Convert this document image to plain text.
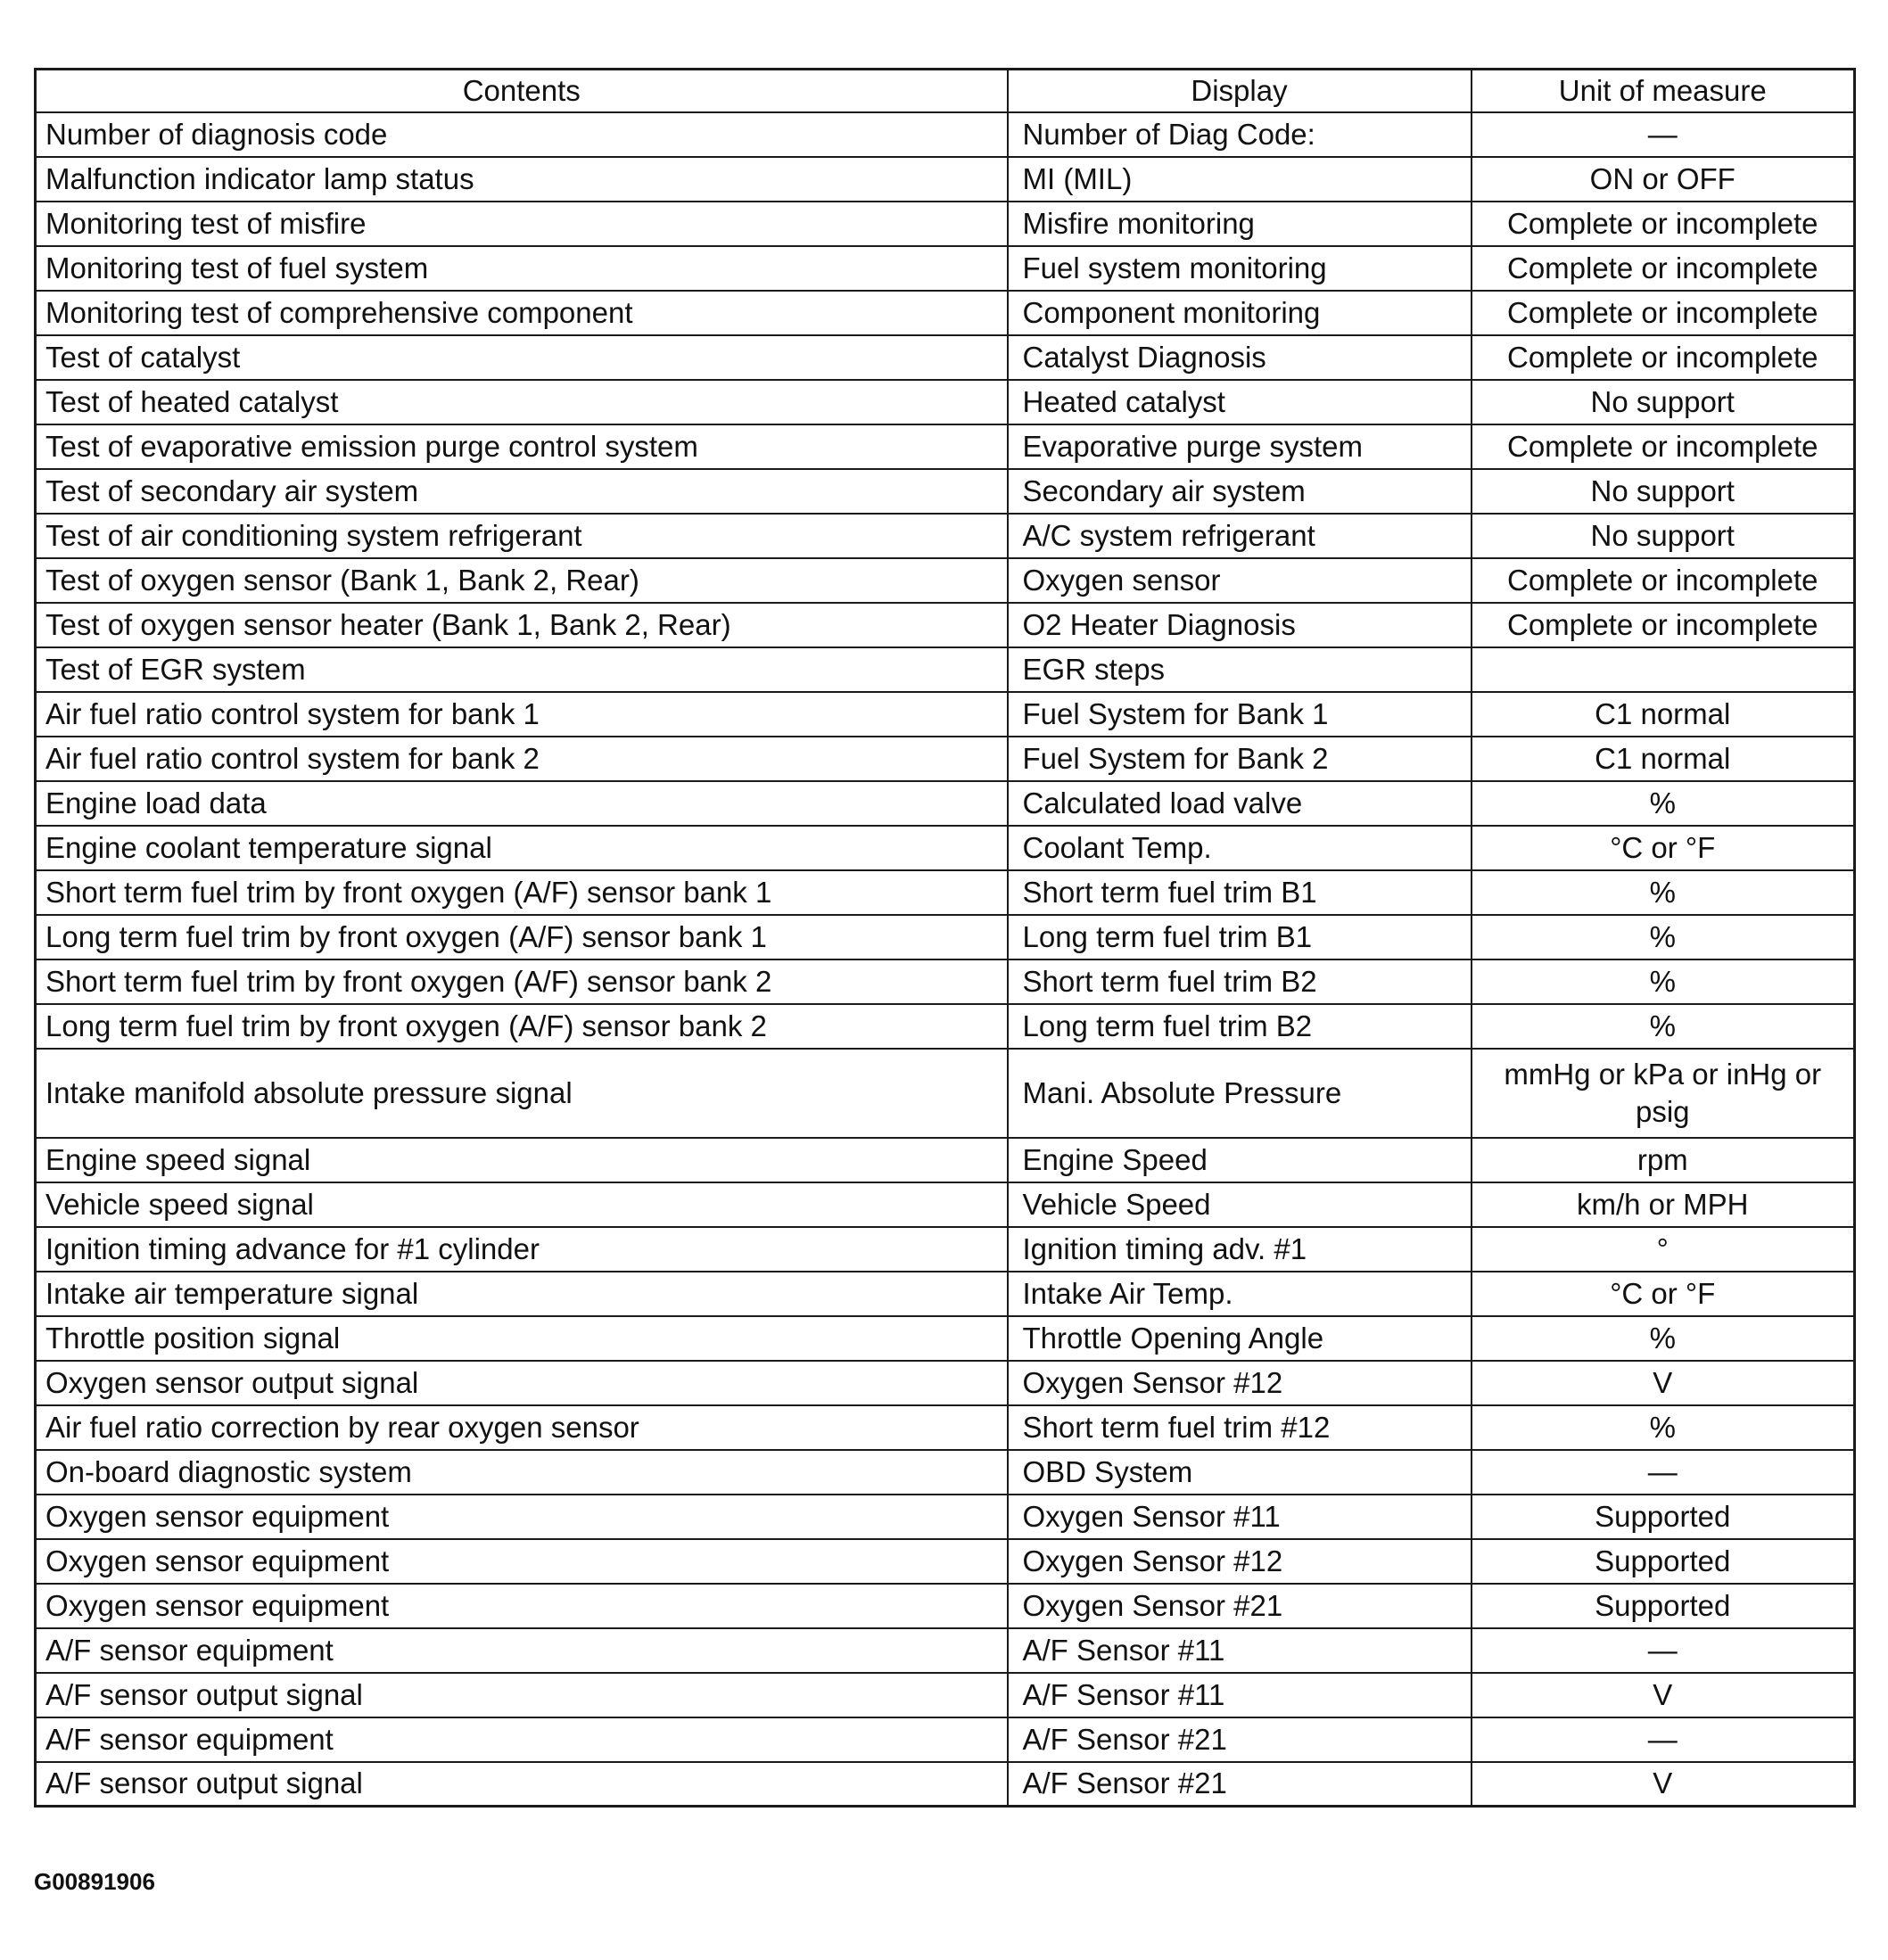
Contents	Display	Unit of measure
Number of diagnosis code	Number of Diag Code:	—
Malfunction indicator lamp status	MI (MIL)	ON or OFF
Monitoring test of misfire	Misfire monitoring	Complete or incomplete
Monitoring test of fuel system	Fuel system monitoring	Complete or incomplete
Monitoring test of comprehensive component	Component monitoring	Complete or incomplete
Test of catalyst	Catalyst Diagnosis	Complete or incomplete
Test of heated catalyst	Heated catalyst	No support
Test of evaporative emission purge control system	Evaporative purge system	Complete or incomplete
Test of secondary air system	Secondary air system	No support
Test of air conditioning system refrigerant	A/C system refrigerant	No support
Test of oxygen sensor (Bank 1, Bank 2, Rear)	Oxygen sensor	Complete or incomplete
Test of oxygen sensor heater (Bank 1, Bank 2, Rear)	O2 Heater Diagnosis	Complete or incomplete
Test of EGR system	EGR steps	
Air fuel ratio control system for bank 1	Fuel System for Bank 1	C1 normal
Air fuel ratio control system for bank 2	Fuel System for Bank 2	C1 normal
Engine load data	Calculated load valve	%
Engine coolant temperature signal	Coolant Temp.	°C or °F
Short term fuel trim by front oxygen (A/F) sensor bank 1	Short term fuel trim B1	%
Long term fuel trim by front oxygen (A/F) sensor bank 1	Long term fuel trim B1	%
Short term fuel trim by front oxygen (A/F) sensor bank 2	Short term fuel trim B2	%
Long term fuel trim by front oxygen (A/F) sensor bank 2	Long term fuel trim B2	%
Intake manifold absolute pressure signal	Mani. Absolute Pressure	mmHg or kPa or inHg or psig
Engine speed signal	Engine Speed	rpm
Vehicle speed signal	Vehicle Speed	km/h or MPH
Ignition timing advance for #1 cylinder	Ignition timing adv. #1	°
Intake air temperature signal	Intake Air Temp.	°C or °F
Throttle position signal	Throttle Opening Angle	%
Oxygen sensor output signal	Oxygen Sensor #12	V
Air fuel ratio correction by rear oxygen sensor	Short term fuel trim #12	%
On-board diagnostic system	OBD System	—
Oxygen sensor equipment	Oxygen Sensor #11	Supported
Oxygen sensor equipment	Oxygen Sensor #12	Supported
Oxygen sensor equipment	Oxygen Sensor #21	Supported
A/F sensor equipment	A/F Sensor #11	—
A/F sensor output signal	A/F Sensor #11	V
A/F sensor equipment	A/F Sensor #21	—
A/F sensor output signal	A/F Sensor #21	V
G00891906
